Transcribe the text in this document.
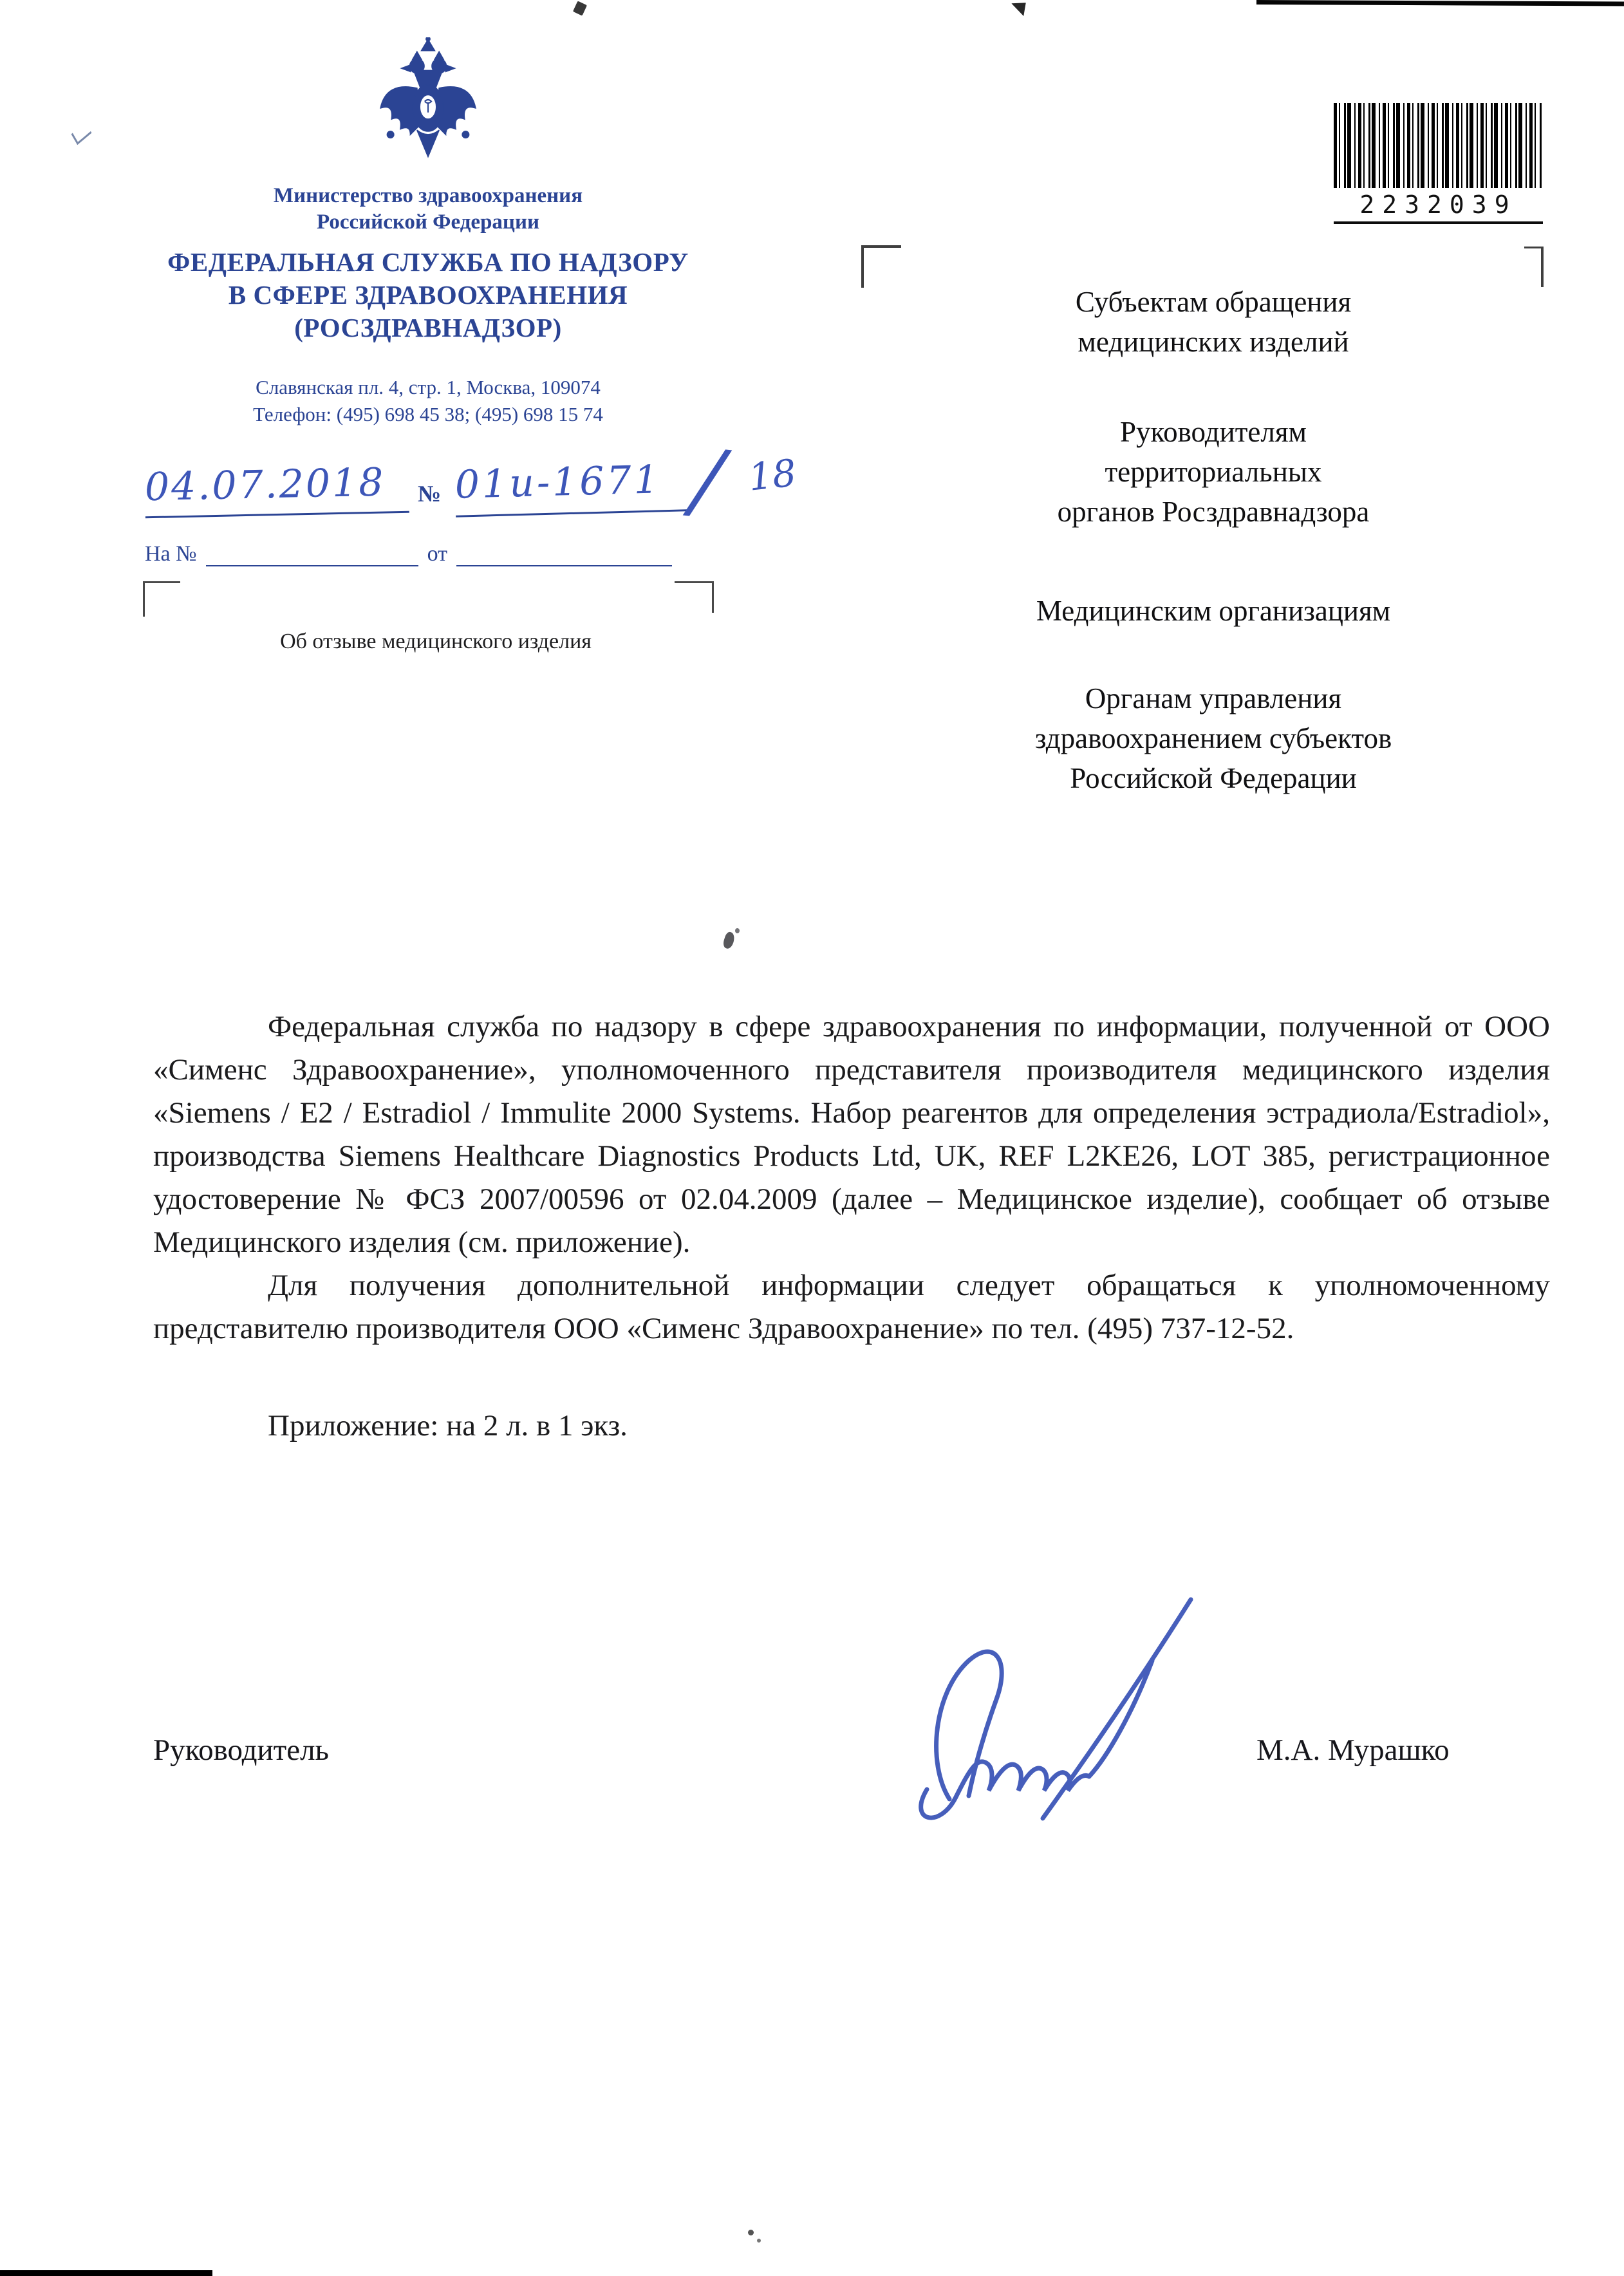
Министерство здравоохранения
Российской Федерации
ФЕДЕРАЛЬНАЯ СЛУЖБА ПО НАДЗОРУ
В СФЕРЕ ЗДРАВООХРАНЕНИЯ
(РОСЗДРАВНАДЗОР)
Славянская пл. 4, стр. 1, Москва, 109074
Телефон: (495) 698 45 38; (495) 698 15 74
04.07.2018	№ 01и-1671 / 18
На №	от
Об отзыве медицинского изделия
2232039
Субъектам обращения
медицинских изделий
Руководителям
территориальных
органов Росздравнадзора
Медицинским организациям
Органам управления
здравоохранением субъектов
Российской Федерации

Федеральная служба по надзору в сфере здравоохранения по информации, полученной от ООО «Сименс Здравоохранение», уполномоченного представителя производителя медицинского изделия «Siemens / E2 / Estradiol / Immulite 2000 Systems. Набор реагентов для определения эстрадиола/Estradiol», производства Siemens Healthcare Diagnostics Products Ltd, UK, REF L2KE26, LOT 385, регистрационное удостоверение № ФСЗ 2007/00596 от 02.04.2009 (далее – Медицинское изделие), сообщает об отзыве Медицинского изделия (см. приложение).

Для получения дополнительной информации следует обращаться к уполномоченному представителю производителя ООО «Сименс Здравоохранение» по тел. (495) 737-12-52.

Приложение: на 2 л. в 1 экз.

Руководитель	М.А. Мурашко
